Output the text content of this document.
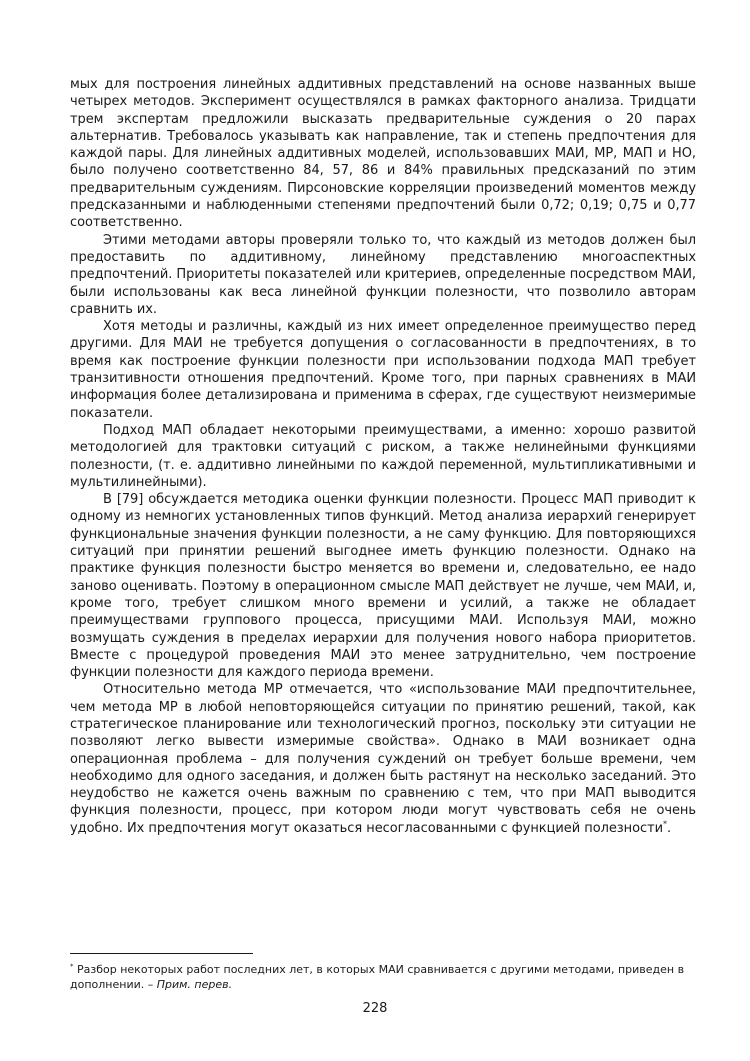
мых для построения линейных аддитивных представлений на основе названных выше четырех методов. Эксперимент осуществлялся в рамках факторного анализа. Тридцати трем экспертам предложили высказать предварительные суждения о 20 парах альтернатив. Требовалось указывать как направление, так и степень предпочтения для каждой пары. Для линейных аддитивных моделей, использовавших МАИ, МР, МАП и НО, было получено соответственно 84, 57, 86 и 84% правильных предсказаний по этим предварительным суждениям. Пирсоновские корреляции произведений моментов между предсказанными и наблюденными степенями предпочтений были 0,72; 0,19; 0,75 и 0,77 соответственно.

Этими методами авторы проверяли только то, что каждый из методов должен был предоставить по аддитивному, линейному представлению многоаспектных предпочтений. Приоритеты показателей или критериев, определенные посредством МАИ, были использованы как веса линейной функции полезности, что позволило авторам сравнить их.

Хотя методы и различны, каждый из них имеет определенное преимущество перед другими. Для МАИ не требуется допущения о согласованности в предпочтениях, в то время как построение функции полезности при использовании подхода МАП требует транзитивности отношения предпочтений. Кроме того, при парных сравнениях в МАИ информация более детализирована и применима в сферах, где существуют неизмеримые показатели.

Подход МАП обладает некоторыми преимуществами, а именно: хорошо развитой методологией для трактовки ситуаций с риском, а также нелинейными функциями полезности, (т. е. аддитивно линейными по каждой переменной, мультипликативными и мультилинейными).

В [79] обсуждается методика оценки функции полезности. Процесс МАП приводит к одному из немногих установленных типов функций. Метод анализа иерархий генерирует функциональные значения функции полезности, а не саму функцию. Для повторяющихся ситуаций при принятии решений выгоднее иметь функцию полезности. Однако на практике функция полезности быстро меняется во времени и, следовательно, ее надо заново оценивать. Поэтому в операционном смысле МАП действует не лучше, чем МАИ, и, кроме того, требует слишком много времени и усилий, а также не обладает преимуществами группового процесса, присущими МАИ. Используя МАИ, можно возмущать суждения в пределах иерархии для получения нового набора приоритетов. Вместе с процедурой проведения МАИ это менее затруднительно, чем построение функции полезности для каждого периода времени.

Относительно метода МР отмечается, что «использование МАИ предпочтительнее, чем метода МР в любой неповторяющейся ситуации по принятию решений, такой, как стратегическое планирование или технологический прогноз, поскольку эти ситуации не позволяют легко вывести измеримые свойства». Однако в МАИ возникает одна операционная проблема – для получения суждений он требует больше времени, чем необходимо для одного заседания, и должен быть растянут на несколько заседаний. Это неудобство не кажется очень важным по сравнению с тем, что при МАП выводится функция полезности, процесс, при котором люди могут чувствовать себя не очень удобно. Их предпочтения могут оказаться несогласованными с функцией полезности*.

* Разбор некоторых работ последних лет, в которых МАИ сравнивается с другими методами, приведен в дополнении. – Прим. перев.
228
